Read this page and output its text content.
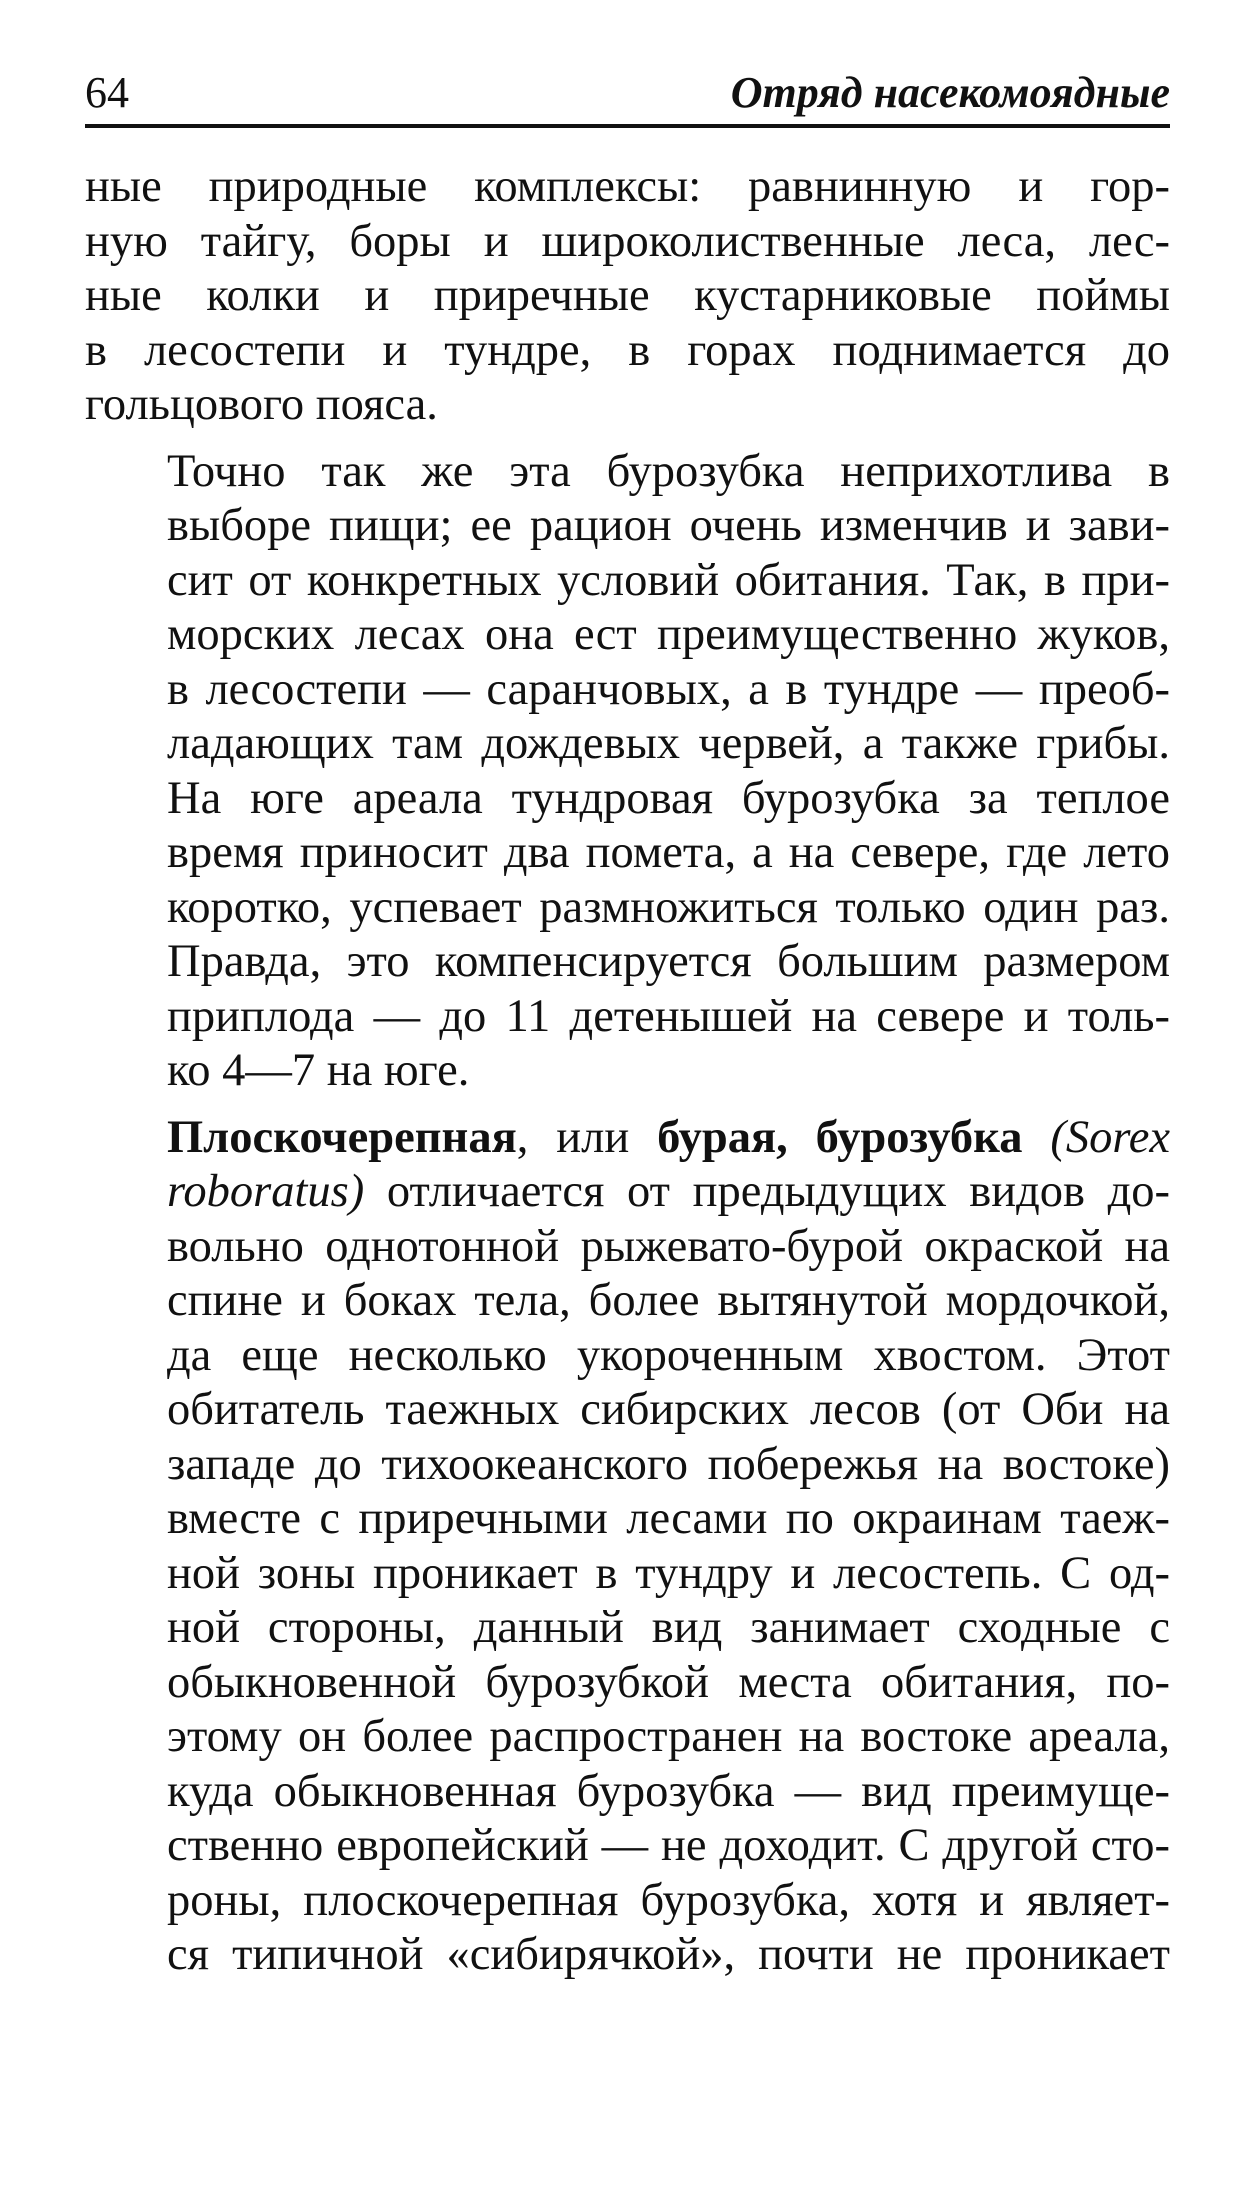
64	Отряд насекомоядные

ные природные комплексы: равнинную и гор-
ную тайгу, боры и широколиственные леса, лес-
ные колки и приречные кустарниковые поймы
в лесостепи и тундре, в горах поднимается до
гольцового пояса.

Точно так же эта бурозубка неприхотлива в
выборе пищи; ее рацион очень изменчив и зави-
сит от конкретных условий обитания. Так, в при-
морских лесах она ест преимущественно жуков,
в лесостепи — саранчовых, а в тундре — преоб-
ладающих там дождевых червей, а также грибы.
На юге ареала тундровая бурозубка за теплое
время приносит два помета, а на севере, где лето
коротко, успевает размножиться только один раз.
Правда, это компенсируется большим размером
приплода — до 11 детенышей на севере и толь-
ко 4—7 на юге.

Плоскочерепная, или бурая, бурозубка (Sorex
roboratus) отличается от предыдущих видов до-
вольно однотонной рыжевато-бурой окраской на
спине и боках тела, более вытянутой мордочкой,
да еще несколько укороченным хвостом. Этот
обитатель таежных сибирских лесов (от Оби на
западе до тихоокеанского побережья на востоке)
вместе с приречными лесами по окраинам таеж-
ной зоны проникает в тундру и лесостепь. С од-
ной стороны, данный вид занимает сходные с
обыкновенной бурозубкой места обитания, по-
этому он более распространен на востоке ареала,
куда обыкновенная бурозубка — вид преимуще-
ственно европейский — не доходит. С другой сто-
роны, плоскочерепная бурозубка, хотя и являет-
ся типичной «сибирячкой», почти не проникает
